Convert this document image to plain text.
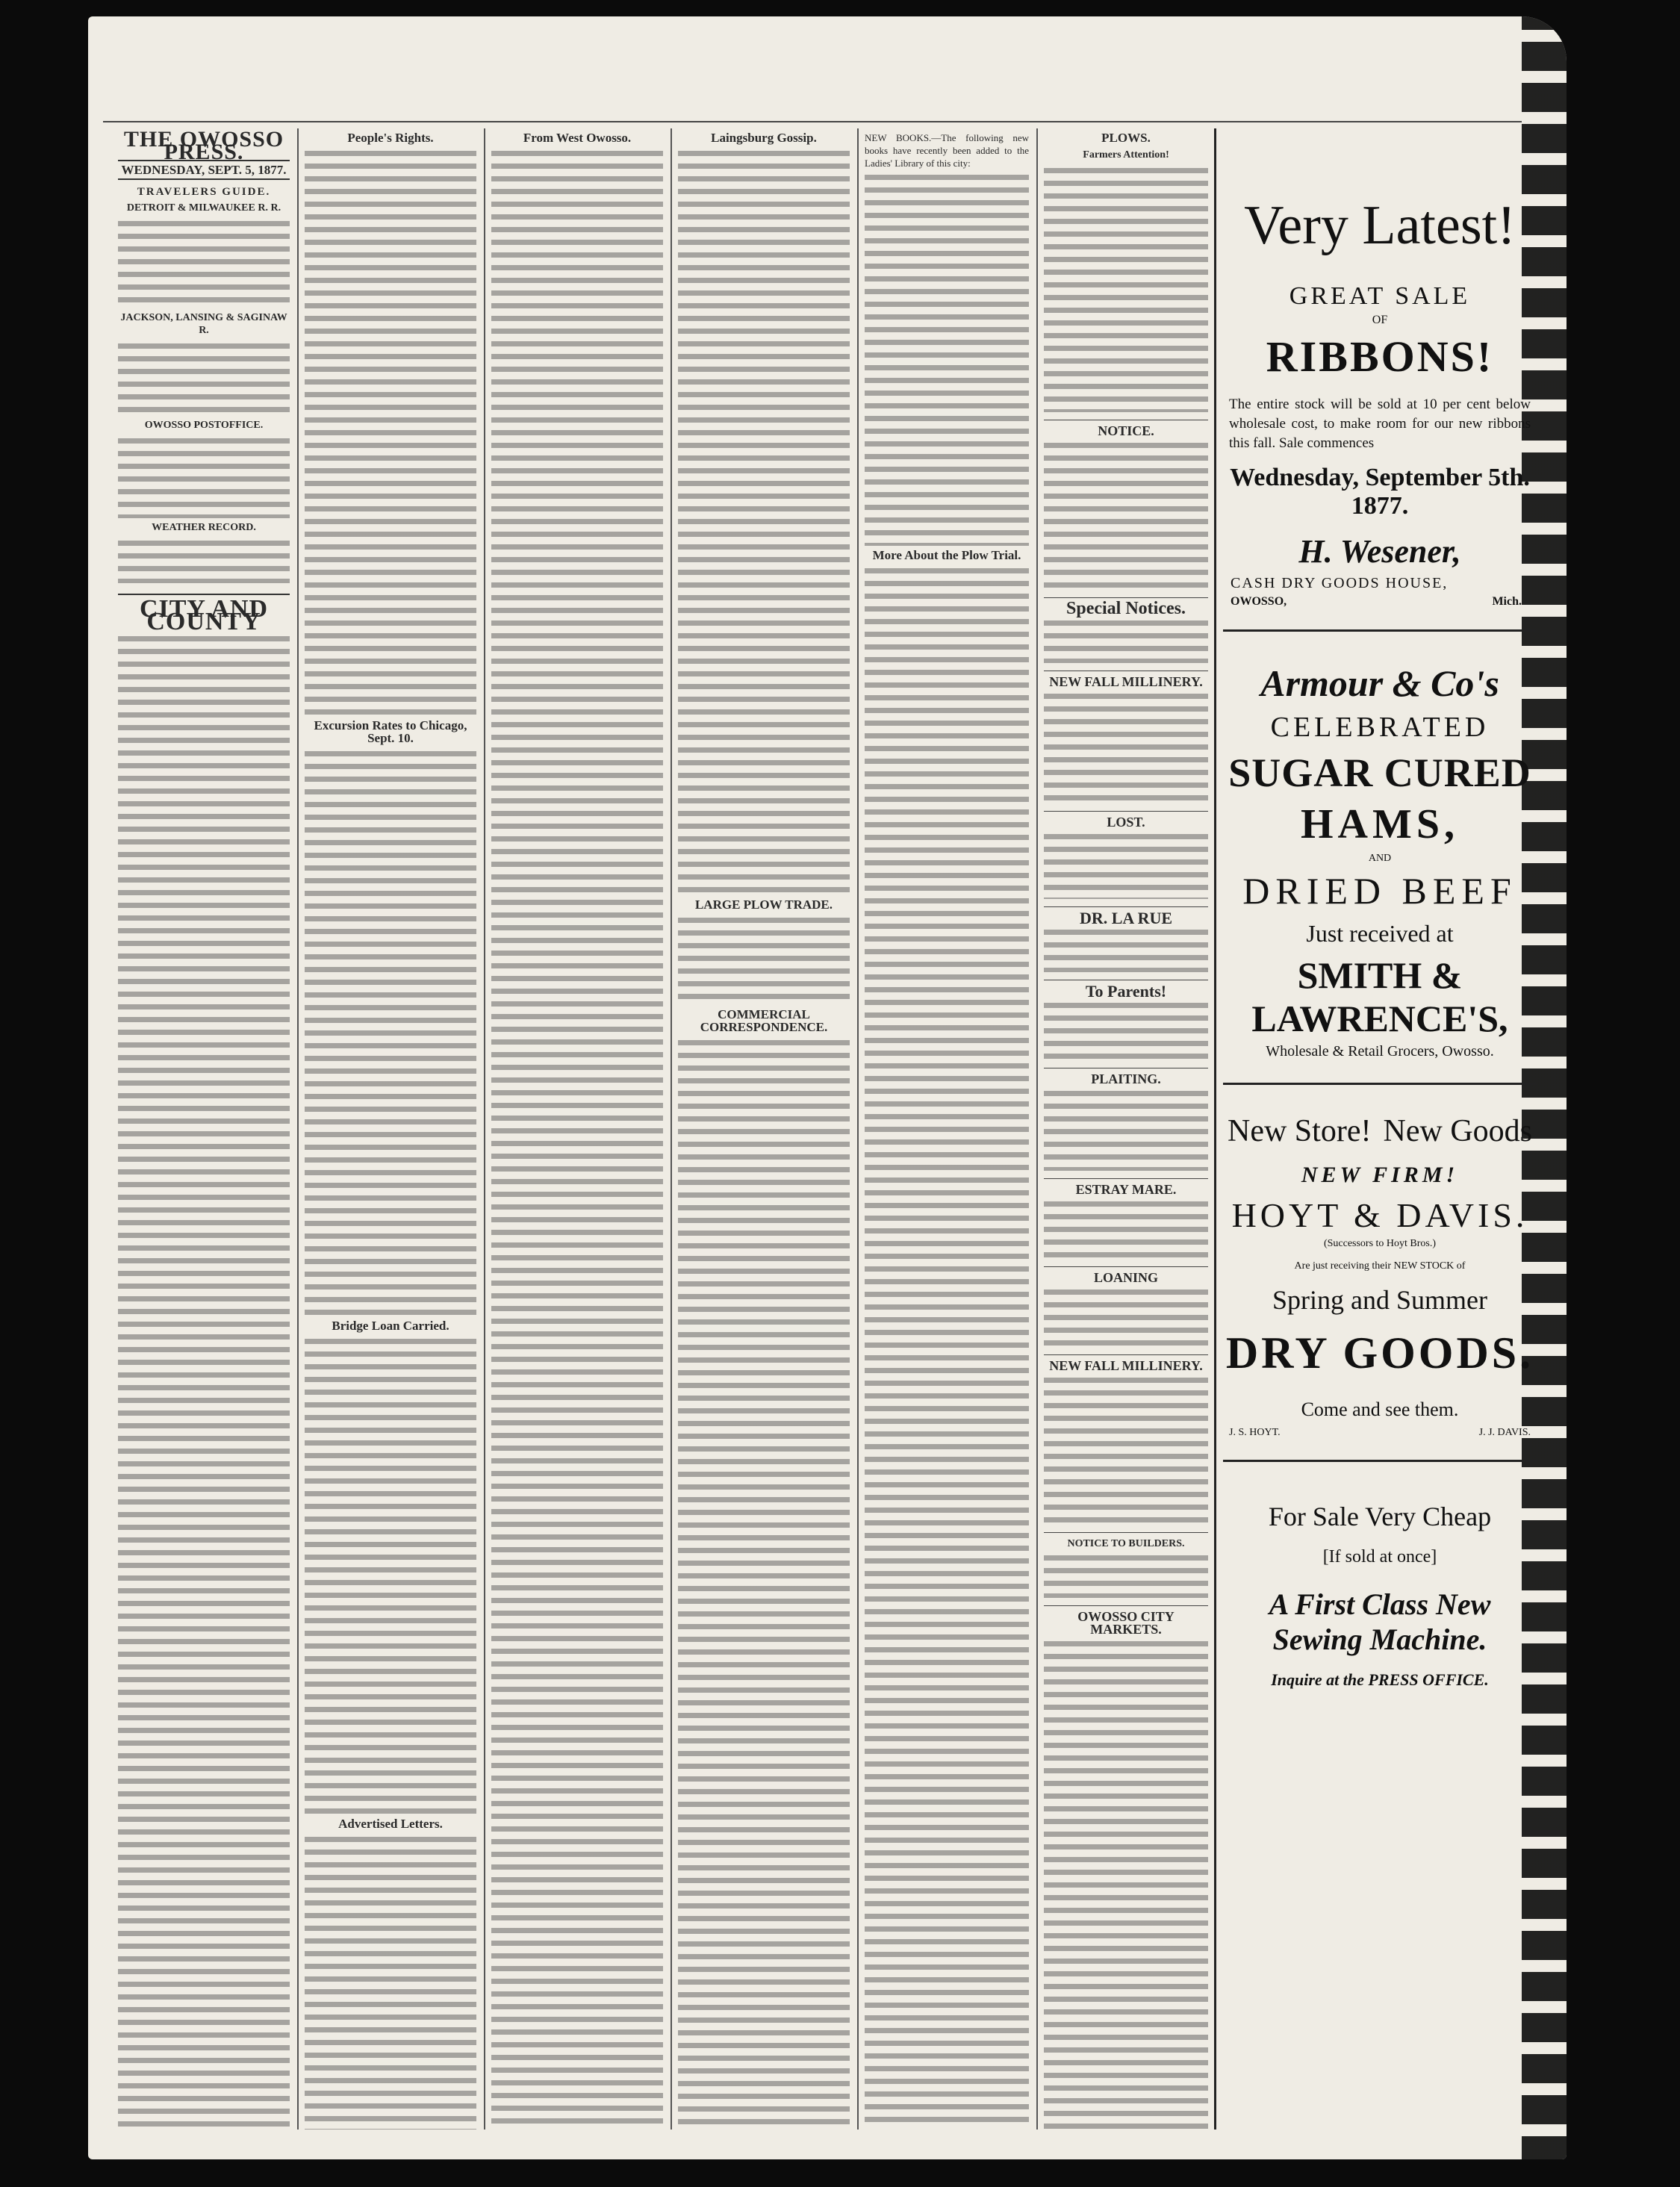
THE OWOSSO PRESS.
WEDNESDAY, SEPT. 5, 1877.
TRAVELERS GUIDE.
DETROIT & MILWAUKEE R. R.
JACKSON, LANSING & SAGINAW R.
OWOSSO POSTOFFICE.
WEATHER RECORD.
CITY AND COUNTY
People's Rights.
Excursion Rates to Chicago, Sept. 10.
Bridge Loan Carried.
Advertised Letters.
From West Owosso.	Laingsburg Gossip.
LARGE PLOW TRADE.
COMMERCIAL CORRESPONDENCE.
NEW BOOKS.—The following new books have recently been added to the Ladies' Library of this city:
More About the Plow Trial.
PLOWS.
Farmers Attention!
NOTICE.
Special Notices.
NEW FALL MILLINERY.
LOST.
DR. LA RUE
To Parents!
PLAITING.
ESTRAY MARE.
LOANING
NEW FALL MILLINERY.
NOTICE TO BUILDERS.
OWOSSO CITY MARKETS.
Very Latest!
GREAT SALE
OF
RIBBONS!
The entire stock will be sold at 10 per cent below wholesale cost, to make room for our new ribbons this fall. Sale commences
Wednesday, September 5th. 1877.
H. Wesener,
CASH DRY GOODS HOUSE,
OWOSSO,	Mich.
Armour & Co's
CELEBRATED
SUGAR CURED
HAMS,
AND
DRIED BEEF
Just received at
SMITH & LAWRENCE'S,
Wholesale & Retail Grocers, Owosso.
New Store! New Goods
NEW FIRM!
HOYT & DAVIS.
(Successors to Hoyt Bros.)
Are just receiving their NEW STOCK of
Spring and Summer
DRY GOODS.
Come and see them.
J. S. HOYT.	J. J. DAVIS.
For Sale Very Cheap
[If sold at once]
A First Class New Sewing Machine.
Inquire at the PRESS OFFICE.
